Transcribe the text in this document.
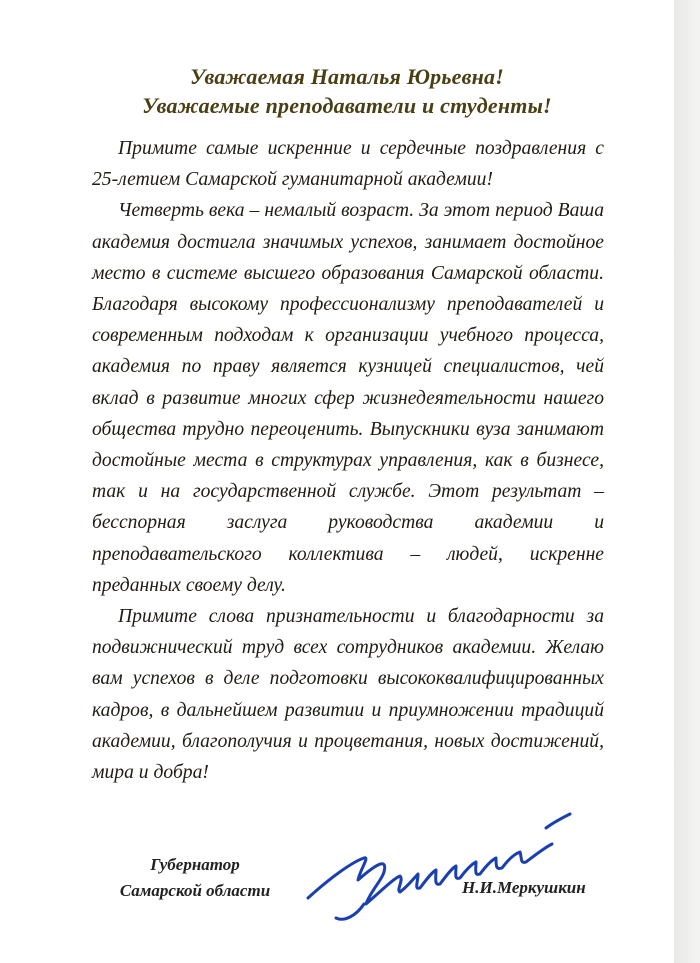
Уважаемая Наталья Юрьевна!
Уважаемые преподаватели и студенты!

Примите самые искренние и сердечные поздравления с 25-летием Самарской гуманитарной академии!

Четверть века – немалый возраст. За этот период Ваша академия достигла значимых успехов, занимает достойное место в системе высшего образования Самарской области. Благодаря высокому профессионализму преподавателей и современным подходам к организации учебного процесса, академия по праву является кузницей специалистов, чей вклад в развитие многих сфер жизнедеятельности нашего общества трудно переоценить. Выпускники вуза занимают достойные места в структурах управления, как в бизнесе, так и на государственной службе. Этот результат – бесспорная заслуга руководства академии и преподавательского коллектива – людей, искренне преданных своему делу.

Примите слова признательности и благодарности за подвижнический труд всех сотрудников академии. Желаю вам успехов в деле подготовки высококвалифицированных кадров, в дальнейшем развитии и приумножении традиций академии, благополучия и процветания, новых достижений, мира и добра!

Губернатор
Самарской области	Н.И.Меркушкин
